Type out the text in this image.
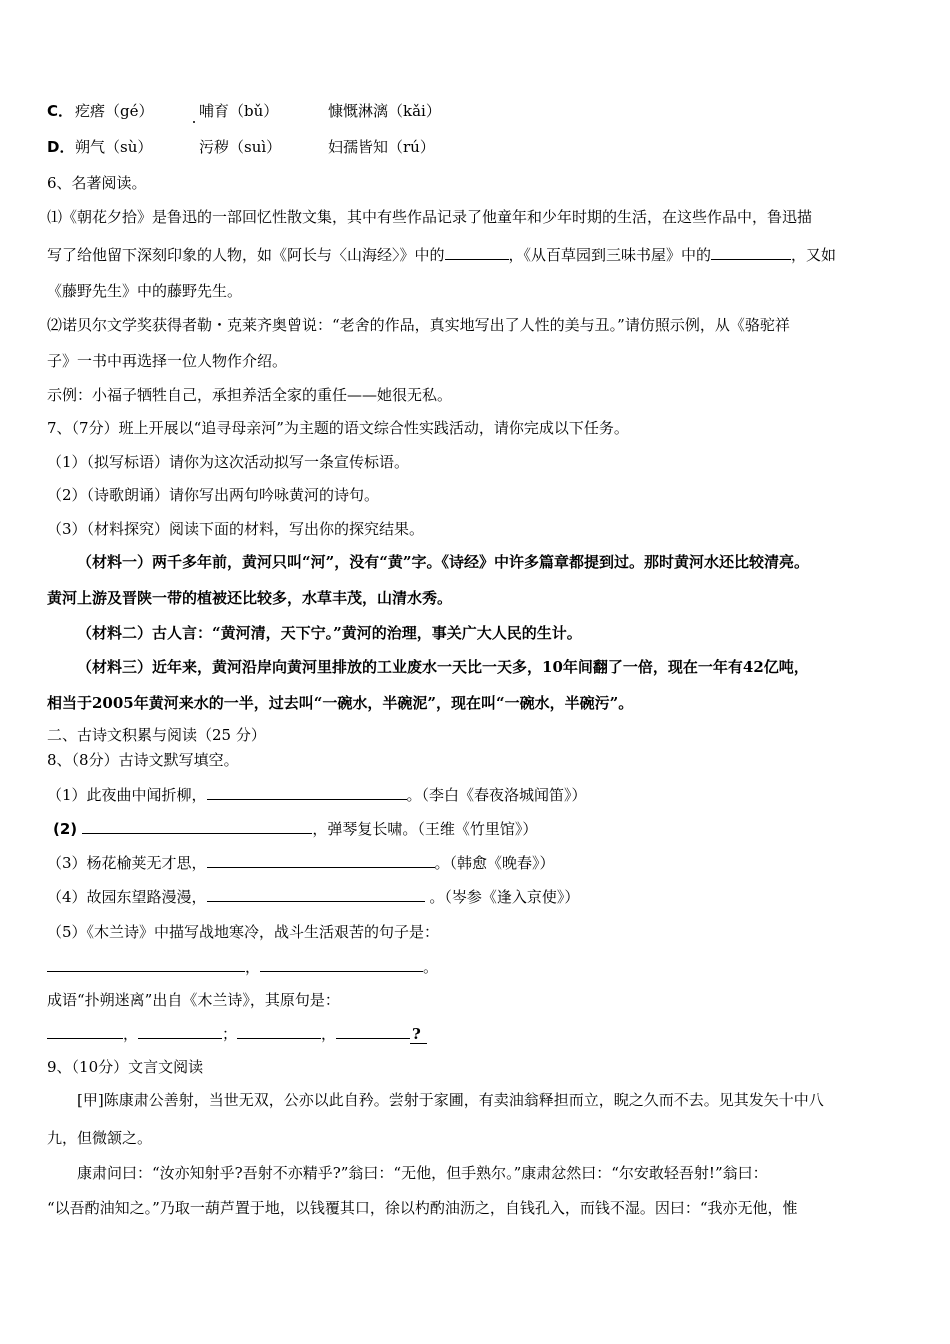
C． 疙瘩（gé）	哺育（bǔ）	慷慨淋漓（kǎi）
D．朔气（sù）	污秽（suì）	妇孺皆知（rú）
6、名著阅读。
⑴《朝花夕拾》是鲁迅的一部回忆性散文集，其中有些作品记录了他童年和少年时期的生活，在这些作品中，鲁迅描
写了给他留下深刻印象的人物，如《阿长与〈山海经〉》中的	，《从百草园到三味书屋》中的	，又如
《藤野先生》中的藤野先生。
⑵诺贝尔文学奖获得者勒・克莱齐奥曾说：“老舍的作品，真实地写出了人性的美与丑。”请仿照示例，从《骆驼祥
子》一书中再选择一位人物作介绍。
示例：小福子牺牲自己，承担养活全家的重任——她很无私。
7、（7分）班上开展以“追寻母亲河”为主题的语文综合性实践活动，请你完成以下任务。
（1）（拟写标语）请你为这次活动拟写一条宣传标语。
（2）（诗歌朗诵）请你写出两句吟咏黄河的诗句。
（3）（材料探究）阅读下面的材料，写出你的探究结果。
（材料一）两千多年前，黄河只叫“河”，没有“黄”字。《诗经》中许多篇章都提到过。那时黄河水还比较清亮。
黄河上游及晋陕一带的植被还比较多，水草丰茂，山清水秀。
（材料二）古人言：“黄河清，天下宁。”黄河的治理，事关广大人民的生计。
（材料三）近年来，黄河沿岸向黄河里排放的工业废水一天比一天多，10年间翻了一倍，现在一年有42亿吨，
相当于2005年黄河来水的一半，过去叫“一碗水，半碗泥”，现在叫“一碗水，半碗污”。
二、古诗文积累与阅读（25 分）
8、（8分）古诗文默写填空。
（1）此夜曲中闻折柳，	。（李白《春夜洛城闻笛》）
(2)	，弹琴复长啸。（王维《竹里馆》）
（3）杨花榆荚无才思，	。（韩愈《晚春》）
（4）故园东望路漫漫，	。（岑参《逢入京使》）
（5）《木兰诗》中描写战地寒冷，战斗生活艰苦的句子是：
，	。
成语“扑朔迷离”出自《木兰诗》，其原句是：
，	；	，	?
9、（10分）文言文阅读
[甲]陈康肃公善射，当世无双，公亦以此自矜。尝射于家圃，有卖油翁释担而立，睨之久而不去。见其发矢十中八
九，但微颔之。
康肃问曰：“汝亦知射乎?吾射不亦精乎?”翁曰：“无他，但手熟尔。”康肃忿然曰：“尔安敢轻吾射!”翁曰：
“以吾酌油知之。”乃取一葫芦置于地，以钱覆其口，徐以杓酌油沥之，自钱孔入，而钱不湿。因曰：“我亦无他，惟
